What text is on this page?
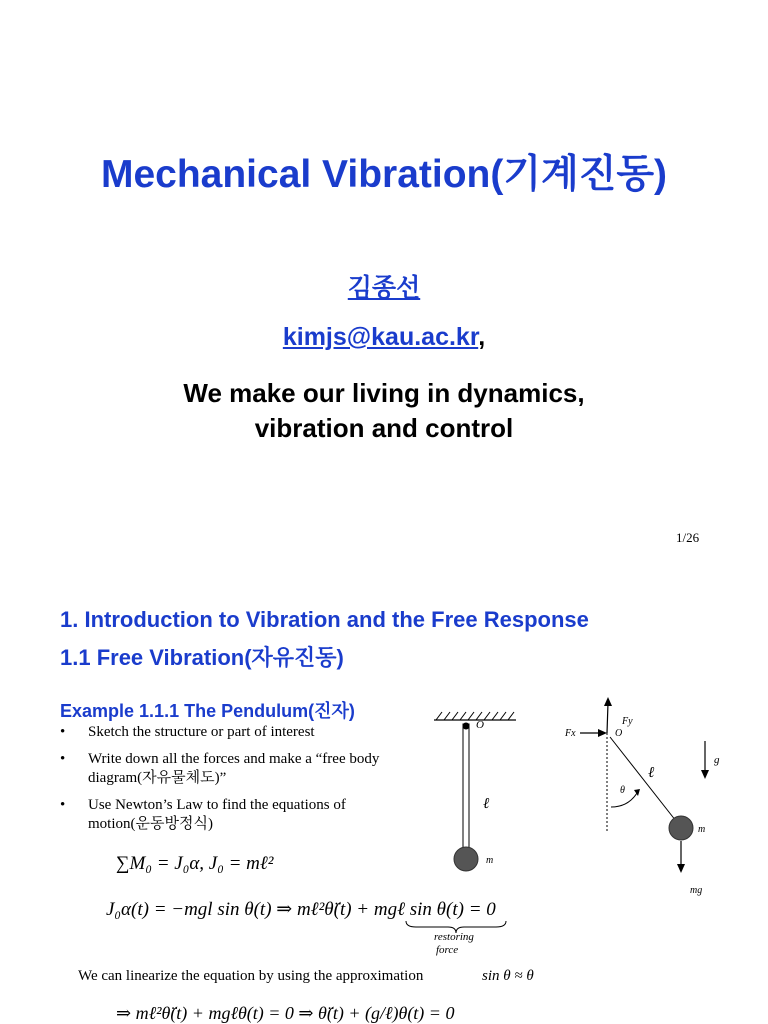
Mechanical Vibration(기계진동)
김종선
kimjs@kau.ac.kr,
We make our living in dynamics,
vibration and control
1/26
1. Introduction to Vibration and the Free Response
1.1 Free Vibration(자유진동)
Example 1.1.1 The Pendulum(진자)
• Sketch the structure or part of interest
• Write down all the forces and make a “free body diagram(자유물체도)”
• Use Newton’s Law to find the equations of motion(운동방정식)
∑M₀ = J₀α, J₀ = mℓ²
J₀α(t) = −mgl sin θ(t) ⇒ mℓ²θ̈(t) + mgℓ sin θ(t) = 0
restoring
force
We can linearize the equation by using the approximation	sin θ ≈ θ
⇒ mℓ²θ̈(t) + mgℓθ(t) = 0 ⇒ θ̈(t) + (g/ℓ)θ(t) = 0
O
ℓ
m
Fy
Fx	O
ℓ
θ
g
m
mg
